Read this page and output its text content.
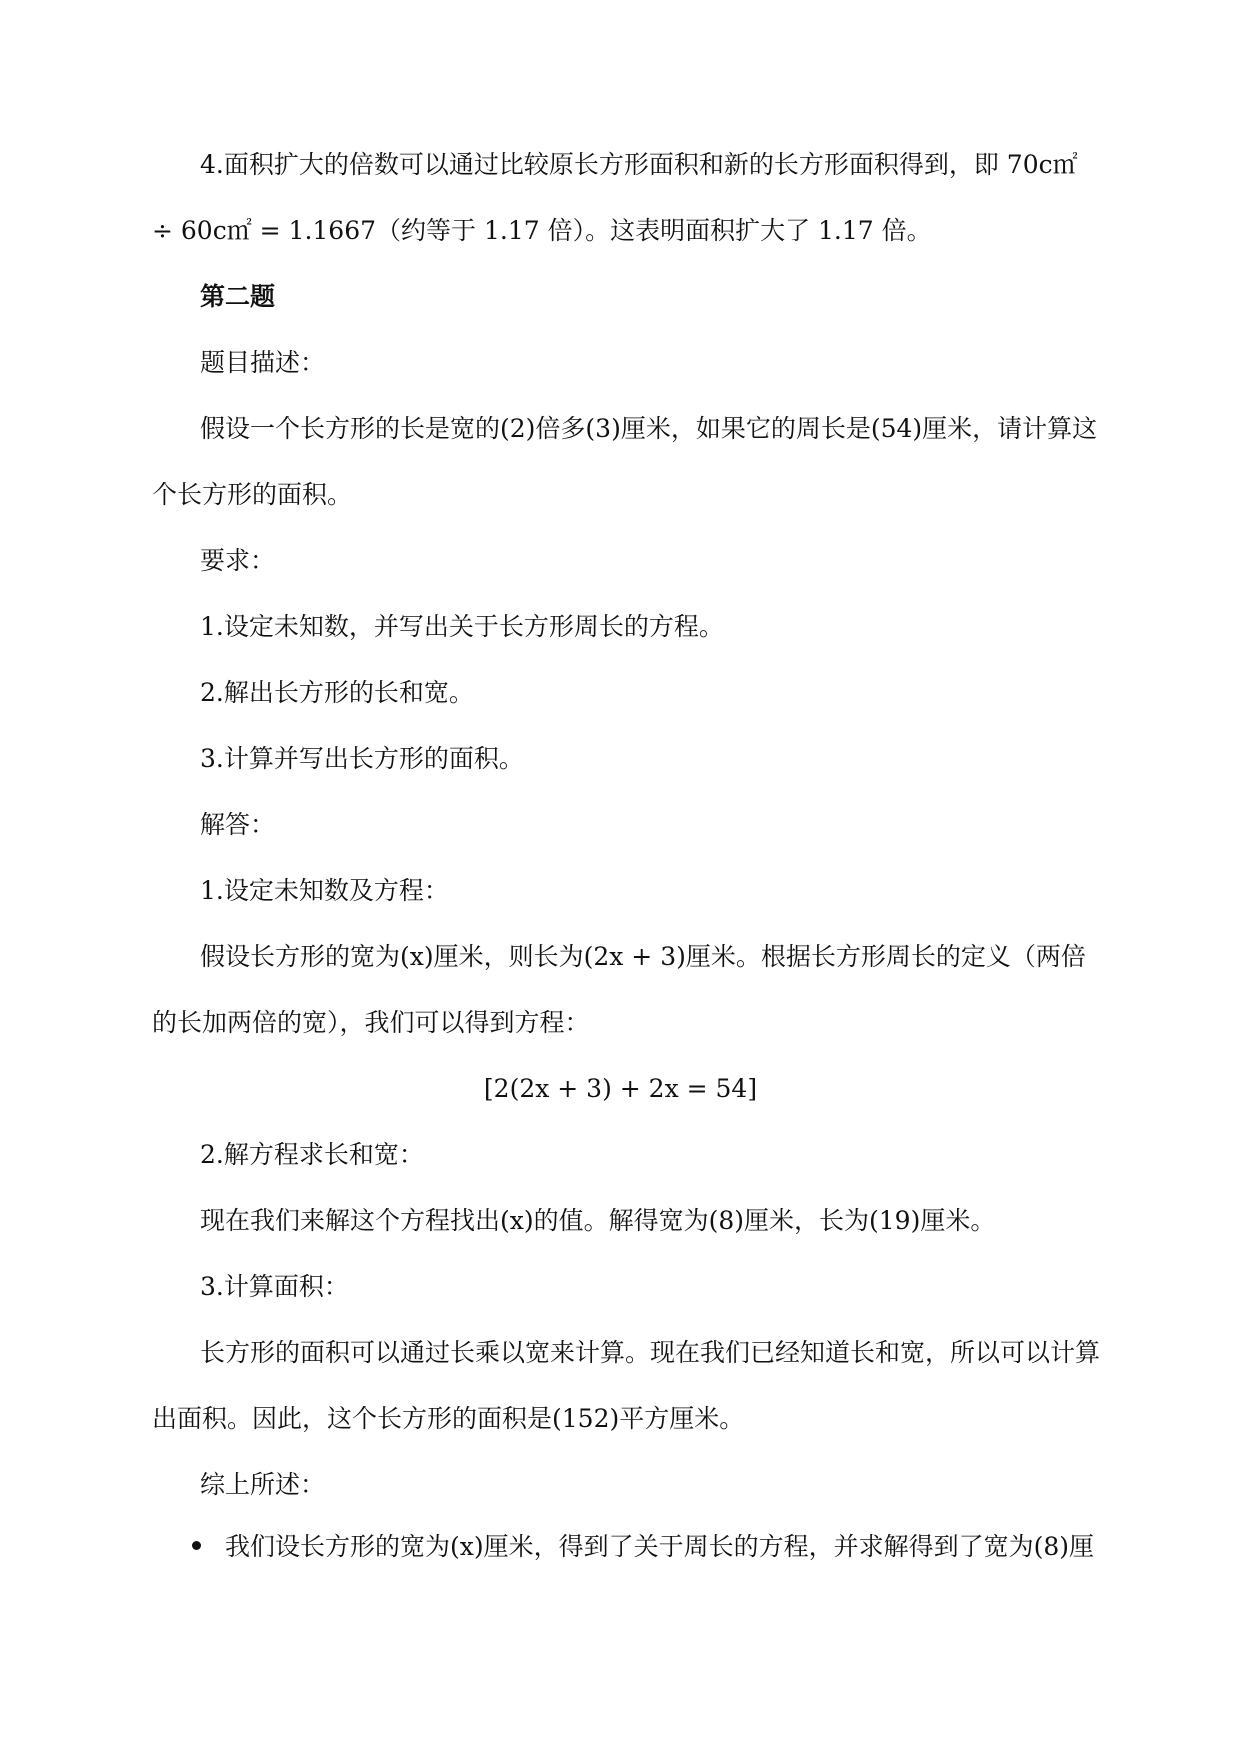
4.面积扩大的倍数可以通过比较原长方形面积和新的长方形面积得到，即 70c㎡
÷ 60c㎡ = 1.1667（约等于 1.17 倍）。这表明面积扩大了 1.17 倍。
第二题
题目描述：
假设一个长方形的长是宽的(2)倍多(3)厘米，如果它的周长是(54)厘米，请计算这
个长方形的面积。
要求：
1.设定未知数，并写出关于长方形周长的方程。
2.解出长方形的长和宽。
3.计算并写出长方形的面积。
解答：
1.设定未知数及方程：
假设长方形的宽为(x)厘米，则长为(2x + 3)厘米。根据长方形周长的定义（两倍
的长加两倍的宽），我们可以得到方程：
[2(2x + 3) + 2x = 54]
2.解方程求长和宽：
现在我们来解这个方程找出(x)的值。解得宽为(8)厘米，长为(19)厘米。
3.计算面积：
长方形的面积可以通过长乘以宽来计算。现在我们已经知道长和宽，所以可以计算
出面积。因此，这个长方形的面积是(152)平方厘米。
综上所述：
我们设长方形的宽为(x)厘米，得到了关于周长的方程，并求解得到了宽为(8)厘
